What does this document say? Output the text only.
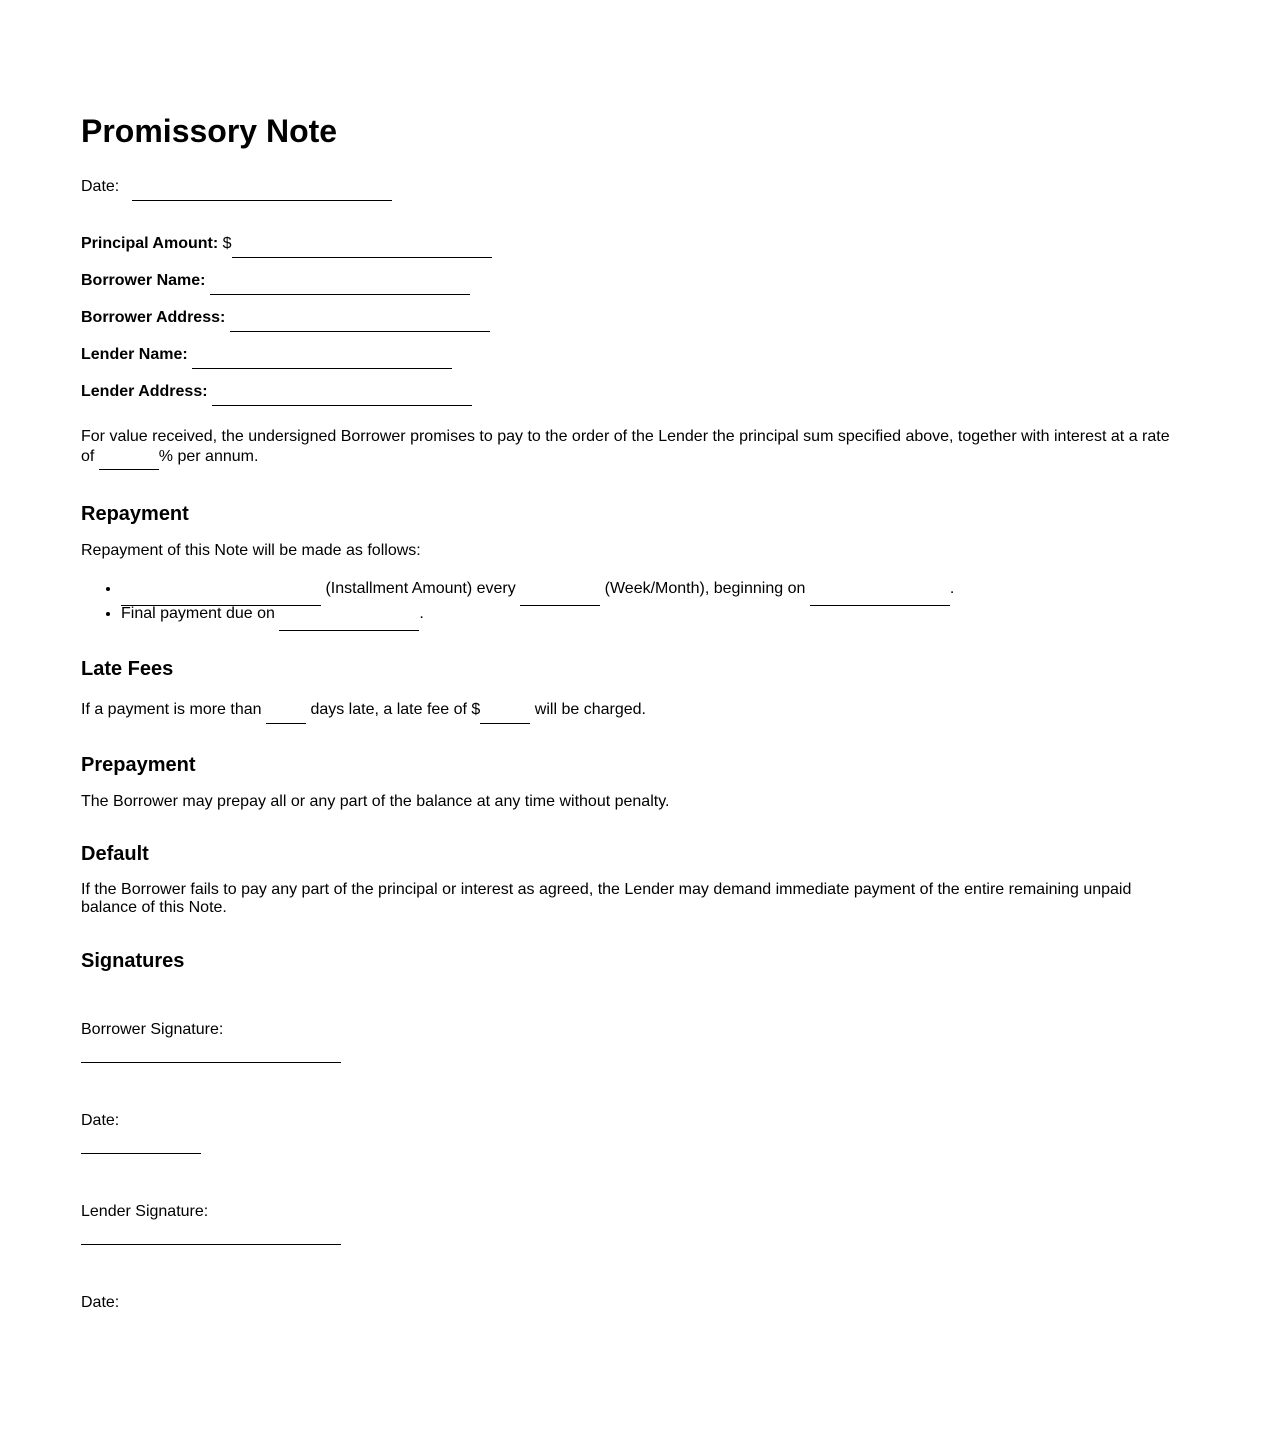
Promissory Note
Date:
Principal Amount: $
Borrower Name:
Borrower Address:
Lender Name:
Lender Address:
For value received, the undersigned Borrower promises to pay to the order of the Lender the principal sum specified above, together with interest at a rate of	% per annum.
Repayment
Repayment of this Note will be made as follows:
• (Installment Amount) every	(Week/Month), beginning on	.
• Final payment due on	.
Late Fees
If a payment is more than	days late, a late fee of $	will be charged.
Prepayment
The Borrower may prepay all or any part of the balance at any time without penalty.
Default
If the Borrower fails to pay any part of the principal or interest as agreed, the Lender may demand immediate payment of the entire remaining unpaid balance of this Note.
Signatures
Borrower Signature:
Date:
Lender Signature:
Date:
